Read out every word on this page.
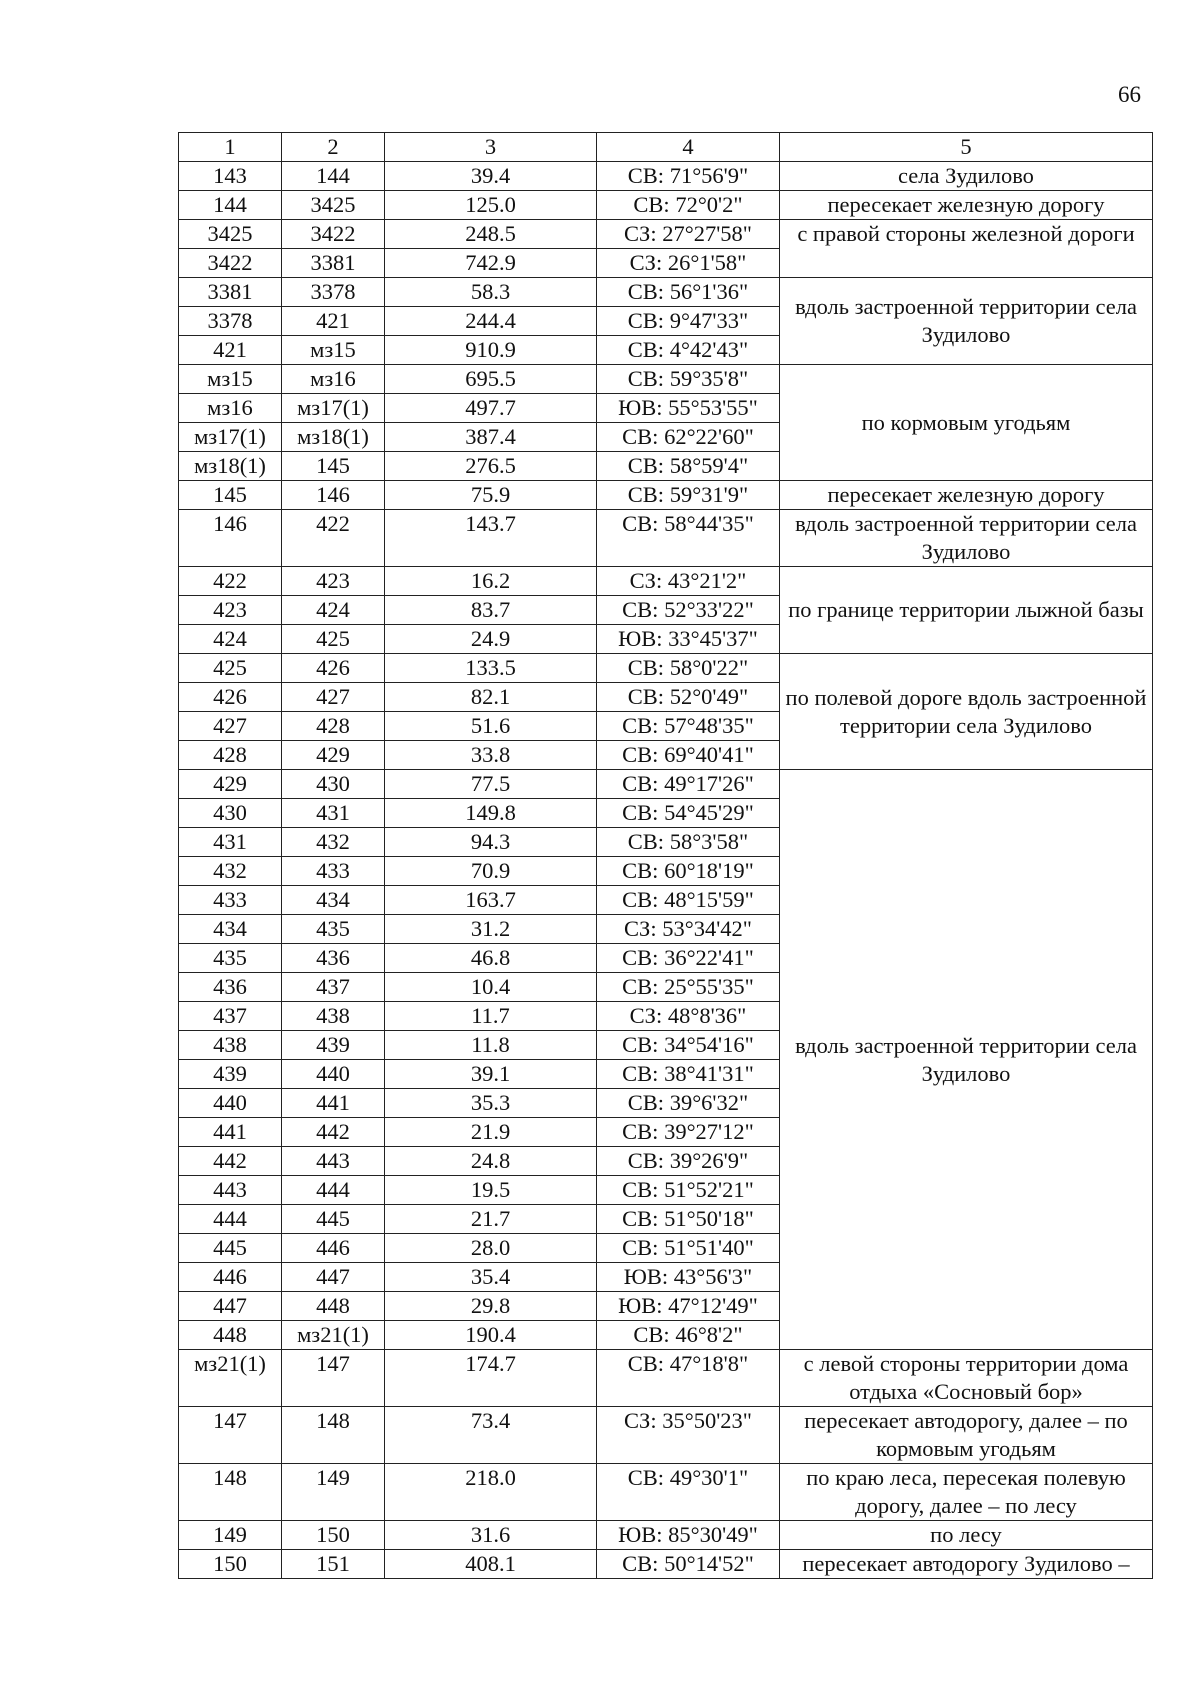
66
1	2	3	4	5
143	144	39.4	СВ: 71°56'9"	села Зудилово
144	3425	125.0	СВ: 72°0'2"	пересекает железную дорогу
3425	3422	248.5	СЗ: 27°27'58"	с правой стороны железной дороги
3422	3381	742.9	СЗ: 26°1'58"	
3381	3378	58.3	СВ: 56°1'36"	вдоль застроенной территории села Зудилово
3378	421	244.4	СВ: 9°47'33"	
421	мз15	910.9	СВ: 4°42'43"	
мз15	мз16	695.5	СВ: 59°35'8"	по кормовым угодьям
мз16	мз17(1)	497.7	ЮВ: 55°53'55"	
мз17(1)	мз18(1)	387.4	СВ: 62°22'60"	
мз18(1)	145	276.5	СВ: 58°59'4"	
145	146	75.9	СВ: 59°31'9"	пересекает железную дорогу
146	422	143.7	СВ: 58°44'35"	вдоль застроенной территории села Зудилово
422	423	16.2	СЗ: 43°21'2"	по границе территории лыжной базы
423	424	83.7	СВ: 52°33'22"	
424	425	24.9	ЮВ: 33°45'37"	
425	426	133.5	СВ: 58°0'22"	по полевой дороге вдоль застроенной территории села Зудилово
426	427	82.1	СВ: 52°0'49"	
427	428	51.6	СВ: 57°48'35"	
428	429	33.8	СВ: 69°40'41"	
429	430	77.5	СВ: 49°17'26"	вдоль застроенной территории села Зудилово
430	431	149.8	СВ: 54°45'29"	
431	432	94.3	СВ: 58°3'58"	
432	433	70.9	СВ: 60°18'19"	
433	434	163.7	СВ: 48°15'59"	
434	435	31.2	СЗ: 53°34'42"	
435	436	46.8	СВ: 36°22'41"	
436	437	10.4	СВ: 25°55'35"	
437	438	11.7	СЗ: 48°8'36"	
438	439	11.8	СВ: 34°54'16"	
439	440	39.1	СВ: 38°41'31"	
440	441	35.3	СВ: 39°6'32"	
441	442	21.9	СВ: 39°27'12"	
442	443	24.8	СВ: 39°26'9"	
443	444	19.5	СВ: 51°52'21"	
444	445	21.7	СВ: 51°50'18"	
445	446	28.0	СВ: 51°51'40"	
446	447	35.4	ЮВ: 43°56'3"	
447	448	29.8	ЮВ: 47°12'49"	
448	мз21(1)	190.4	СВ: 46°8'2"	
мз21(1)	147	174.7	СВ: 47°18'8"	с левой стороны территории дома отдыха «Сосновый бор»
147	148	73.4	СЗ: 35°50'23"	пересекает автодорогу, далее – по кормовым угодьям
148	149	218.0	СВ: 49°30'1"	по краю леса, пересекая полевую дорогу, далее – по лесу
149	150	31.6	ЮВ: 85°30'49"	по лесу
150	151	408.1	СВ: 50°14'52"	пересекает автодорогу Зудилово –
